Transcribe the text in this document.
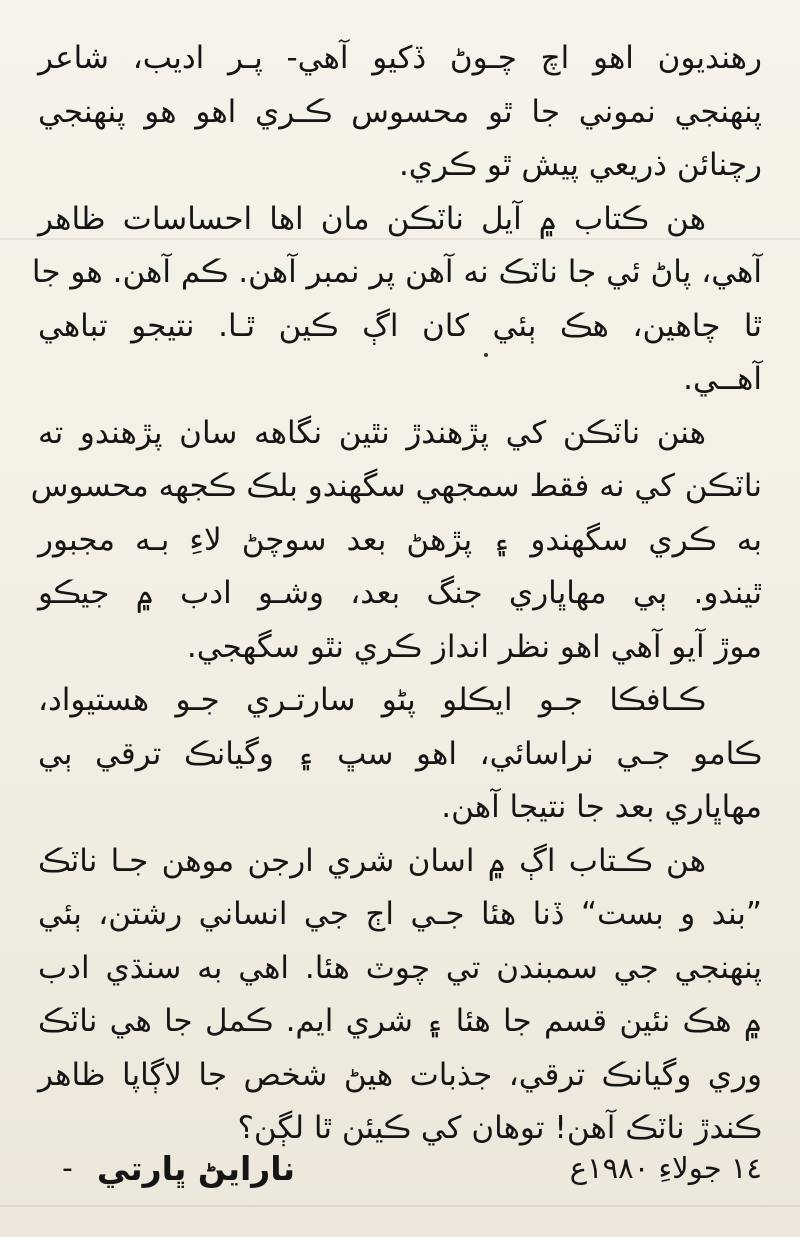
رهنديون اهو اچ چـوڻ ڏکيو آهي- پـر اديب، شاعر
پنهنجي نموني جا ٿو محسوس ڪـري اهو هو پنهنجي
رچنائن ذريعي پيش ٿو ڪري.
هن ڪتاب ۾ آيل ناٽڪن مان اها احساسات ظاهر
آهي، پاڻ ئي جا ناٽڪ نه آهن پر نمبر آهن. ڪم آهن. هو جا
ٿا چاهين، هڪ ٻئي کان اڳ ڪين ٿـا. نتيجو تباهي
آهــي.
هنن ناٽڪن کي پڙهندڙ نٿين نگاهه سان پڙهندو ته
ناٽڪن کي نه فقط سمجهي سگهندو بلڪ ڪجهه محسوس
به ڪري سگهندو ۽ پڙهڻ بعد سوچڻ لاءِ بـه مجبور
ٿيندو. ٻي مهاڀاري جنگ بعد، وشـو ادب ۾ جيڪو
موڙ آيو آهي اهو نظر انداز ڪري نٿو سگهجي.
ڪـافڪا جـو ايڪلو پڻو سارتـري جـو هستيواد،
ڪامو جـي نراسائي، اهو سڀ ۽ وگيانڪ ترقي ٻي
مهاڀاري بعد جا نتيجا آهن.
هن ڪـتاب اڳ ۾ اسان شري ارجن موهن جـا ناٽڪ
”بند و بست“ ڏنا هئا جـي اڄ جي انساني رشتن، ٻئي
پنهنجي جي سمبندن تي چوٽ هئا. اهي به سنڌي ادب
۾ هڪ نئين قسم جا هئا ۽ شري ايم. ڪمل جا هي ناٽڪ
وري وگيانڪ ترقي، جذبات هيڻ شخص جا لاڳاپا ظاهر
ڪندڙ ناٽڪ آهن! توهان کي ڪيئن ٿا لڳن؟
١٤ جولاءِ ١٩٨٠ع
نارايڻ ڀارتي
-
